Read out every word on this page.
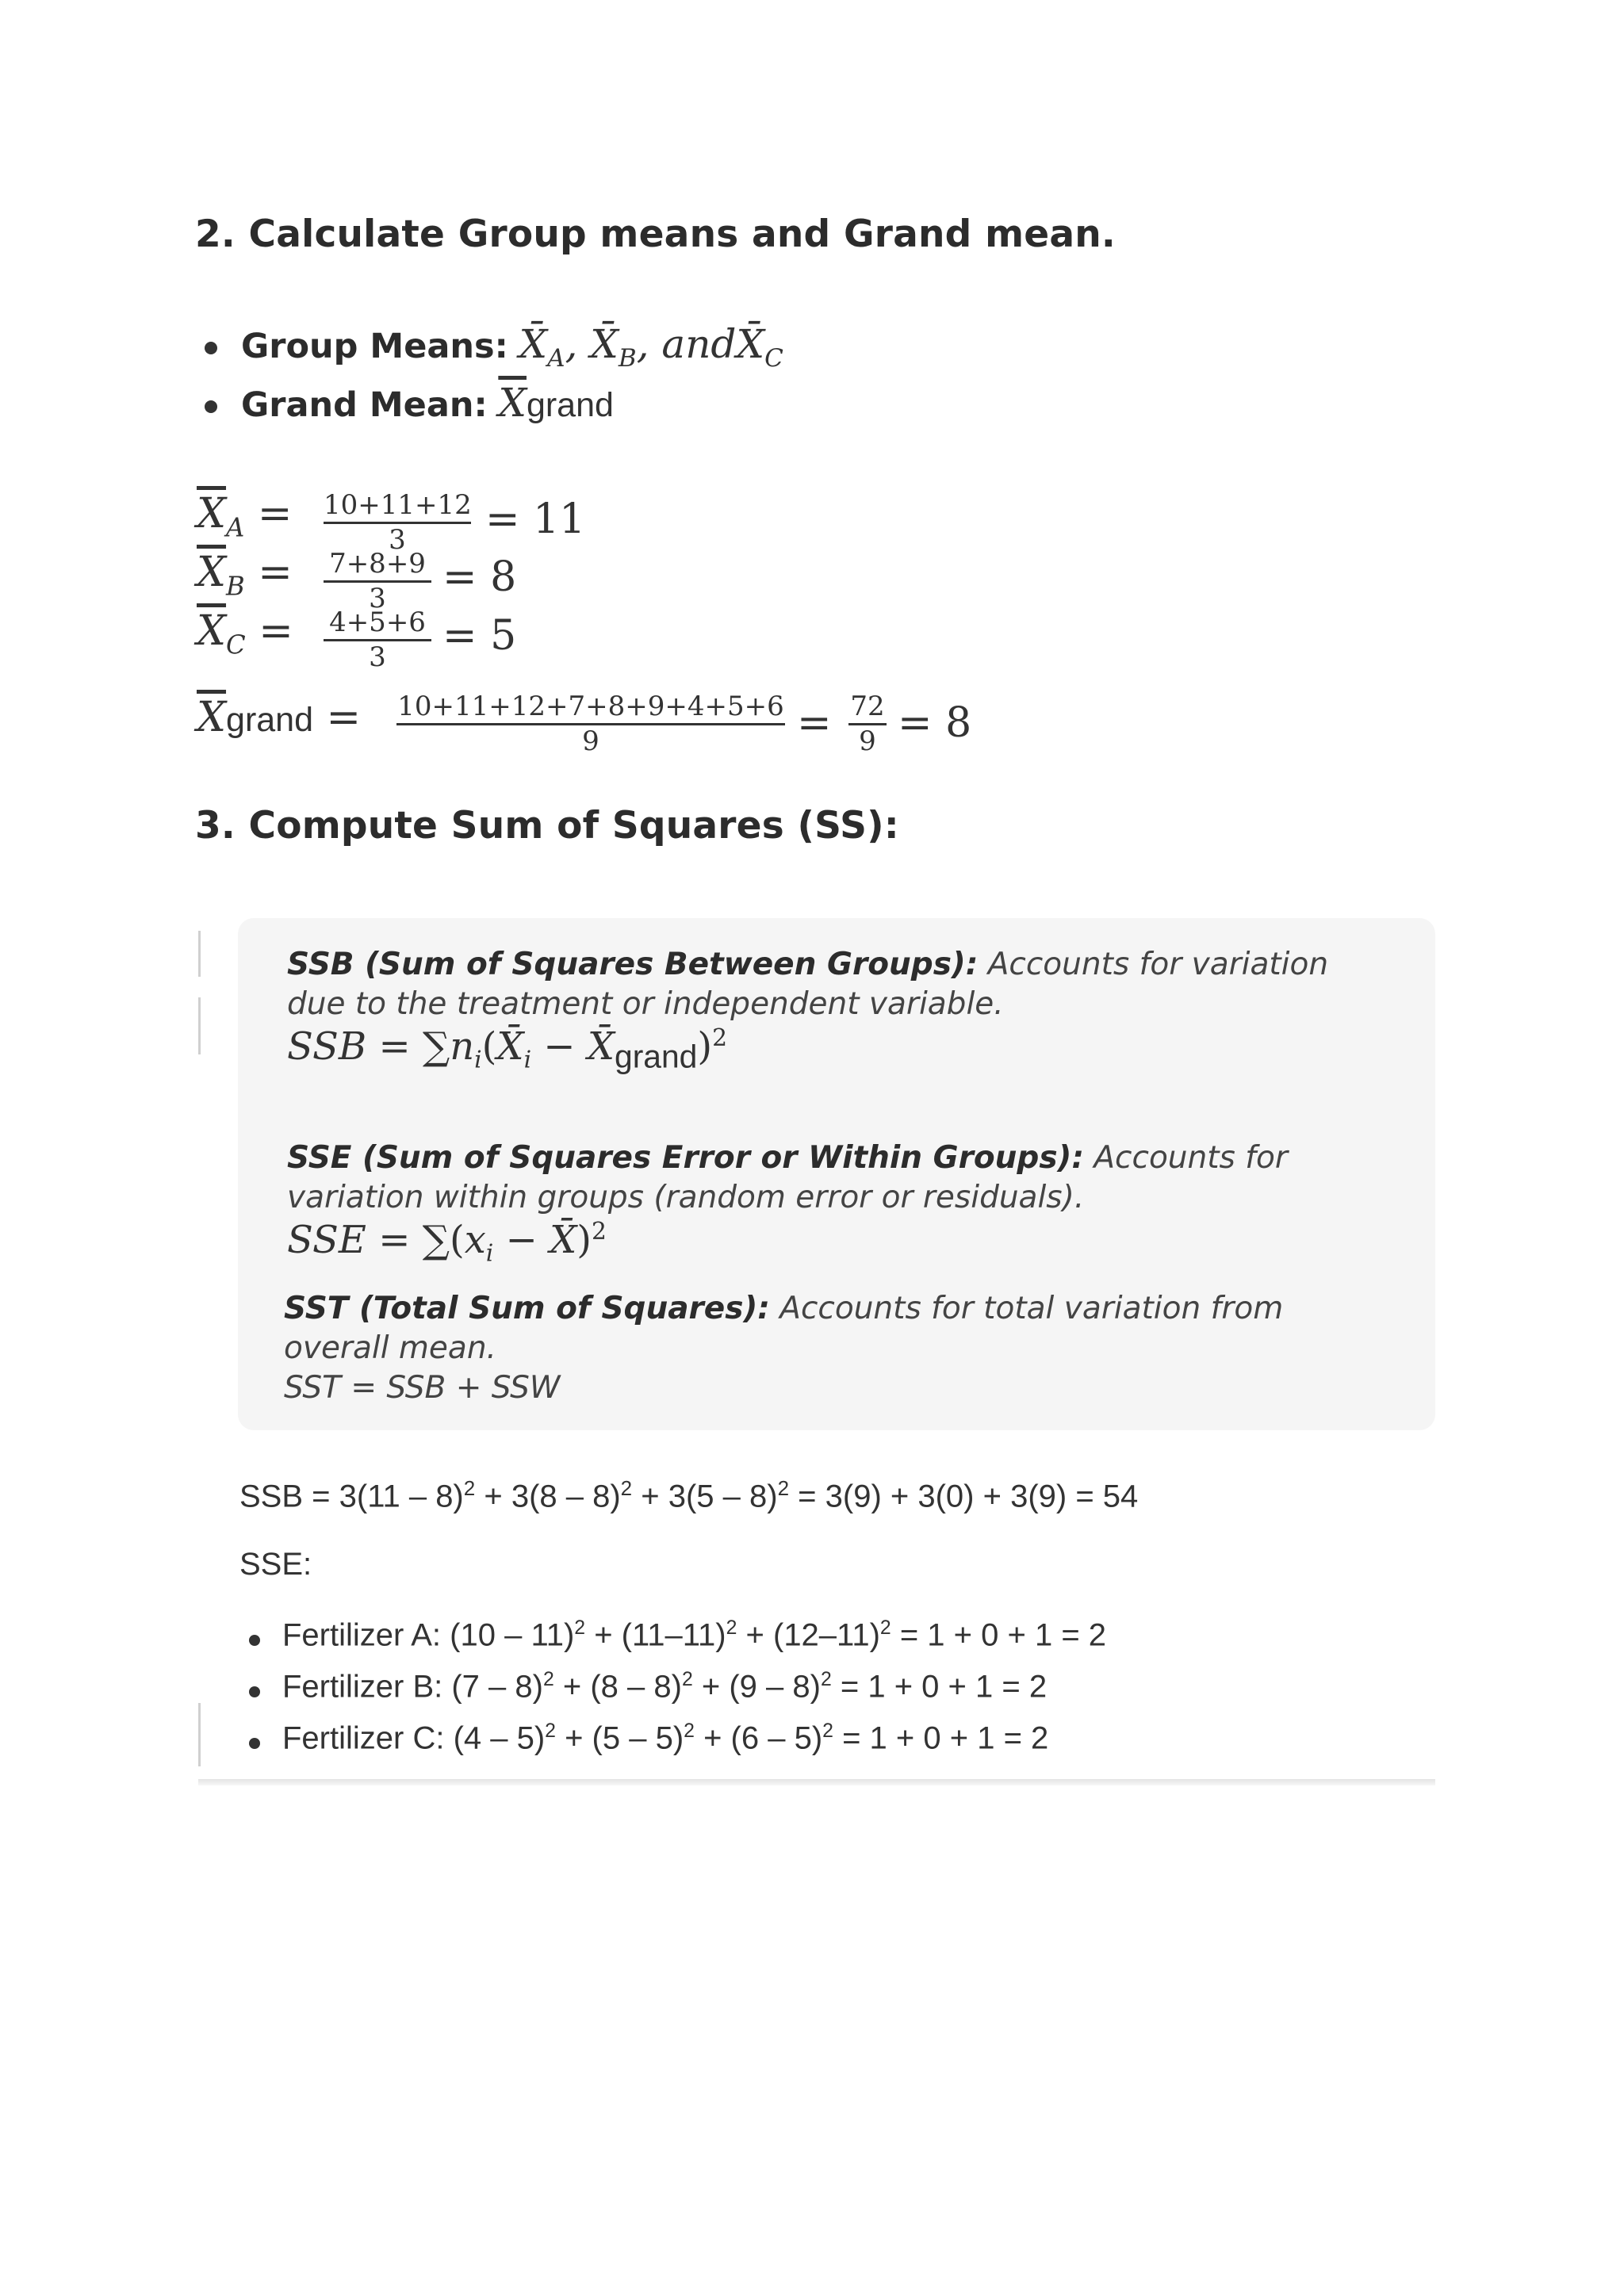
2. Calculate Group means and Grand mean.
Group Means: $X̄_A$, $X̄_B$, $andX̄_C$
Grand Mean: $\overline{X}grand$
$\overline{X}_A = 10+11+12$
3	= 11
$\overline{X}_B = 7+8+9$
3	= 8
$\overline{X}_C = 4+5+6$
3	= 5
$\overline{X}grand = 10+11+12+7+8+9+4+5+6$
9	= 72
9 = 8
3. Compute Sum of Squares (SS):
SSB (Sum of Squares Between Groups): Accounts for variation due to the treatment or independent variable.
SSB = $\sum n_i(X̄_i$ − $X̄_{grand})^2$
SSE (Sum of Squares Error or Within Groups): Accounts for variation within groups (random error or residuals).
SSE = $\sum(x_i$ − X̄)$^2$
SST (Total Sum of Squares): Accounts for total variation from overall mean.
SST = SSB + SSW
SSB = 3(11 – 8)$^2$ + 3(8 – 8)$^2$ + 3(5 – 8)$^2$ = 3(9) + 3(0) + 3(9) = 54
SSE:
Fertilizer A: $(10 - 11)^2 + (11-11)^2 + (12-11)^2 = 1 + 0 + 1 = 2$
Fertilizer B: (7 – 8)$^2$ + (8 – 8)$^2$ + (9 – 8)$^2$ = 1 + 0 + 1 = 2
Fertilizer C: (4 – 5)$^2$ + (5 – 5)$^2$ + (6 – 5)$^2$ = 1 + 0 + 1 = 2
